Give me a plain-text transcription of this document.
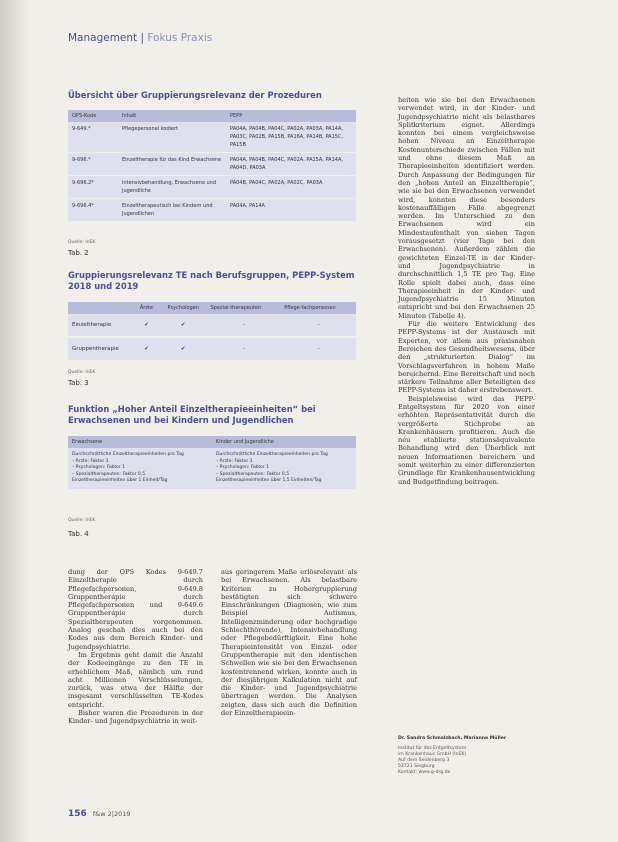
Management | Fokus Praxis
Übersicht über Gruppierungsrelevanz der Prozeduren
OPS-Kode	Inhalt	PEPP
9-649.*	Pflegepersonal kodiert	PA04A, PA04B, PA04C, PA02A, PA03A, PA14A, PA03C, PA02B, PA15B, PA16A, PA14B, PA15C, PA15B
9-696.*	Einzeltherapie für das Kind Erwachsene	PA04A, PA04B, PA04C, PA02A, PA15A, PA14A, PA04D, PA03A
9-696.2*	Intensivbehandlung, Erwachsene und Jugendliche	PA04B, PA04C, PA02A, PA02C, PA03A
9-696.4*	Einzeltherapeutisch bei Kindern und Jugendlichen	PA04A, PA14A
Quelle: InEK
Tab. 2
Gruppierungsrelevanz TE nach Berufsgruppen, PEPP-System
2018 und 2019
	Ärzte	Psychologen	Spezial-therapeuten	Pflege-fachpersonen
Einzeltherapie	✔	✔	-	-
Gruppentherapie	✔	✔	-	-
Quelle: InEK
Tab. 3
Funktion „Hoher Anteil Einzeltherapieeinheiten“ bei
Erwachsenen und bei Kindern und Jugendlichen
Erwachsene	Kinder und Jugendliche
Durchschnittliche Einzeltherapieeinheiten pro Tag
– Ärzte: Faktor 1
– Psychologen: Faktor 1
– Spezialtherapeuten: Faktor 0,5
Einzeltherapieeinheiten über 1 Einheit/Tag	Durchschnittliche Einzeltherapieeinheiten pro Tag
– Ärzte: Faktor 1
– Psychologen: Faktor 1
– Spezialtherapeuten: Faktor 0,5
Einzeltherapieeinheiten über 1,5 Einheiten/Tag
Quelle: InEK
Tab. 4

dung der OPS Kodes 9-649.7 Einzeltherapie durch Pflegefachpersonen, 9-649.8 Gruppentherapie durch Pflegefachpersonen und 9-649.6 Gruppentherapie durch Spezialtherapeuten vorgenommen. Analog geschah dies auch bei den Kodes aus dem Bereich Kinder- und Jugendpsychiatrie.

Im Ergebnis geht damit die Anzahl der Kodeeingänge zu den TE in erheblichem Maß, nämlich um rund acht Millionen Verschlüsselungen, zurück, was etwa der Hälfte der insgesamt verschlüsselten TE-Kodes entspricht.

Bisher waren die Prozeduren in der Kinder- und Jugendpsychiatrie in weit-

aus geringerem Maße erlösrelevant als bei Erwachsenen. Als belastbare Kriterien zu Hohergruppierung bestätigten sich schwere Einschränkungen (Diagnosen, wie zum Beispiel Autismus, Intelligenzminderung oder hochgradige Schlechthörende), Intensivbehandlung oder Pflegebedürftigkeit. Eine hohe Therapieintensität von Einzel- oder Gruppentherapie mit den identischen Schwellen wie sie bei den Erwachsenen kostentrennend wirken, konnte auch in der diesjährigen Kalkulation nicht auf die Kinder- und Jugendpsychiatrie übertragen werden. Die Analysen zeigten, dass sich auch die Definition der Einzeltherapieein-

heiten wie sie bei den Erwachsenen verwendet wird, in der Kinder- und Jugendpsychiatrie nicht als belastbares Splitkriterium eignet. Allerdings konnten bei einem vergleichsweise hohen Niveau an Einzeltherapie Kostenunterschiede zwischen Fällen mit und ohne diesem Maß an Therapieeinheiten identifiziert werden. Durch Anpassung der Bedingungen für den „hohen Anteil an Einzeltherapie“, wie sie bei den Erwachsenen verwendet wird, konnten diese besonders kostenauffälligen Fälle abgegrenzt werden. Im Unterschied zu den Erwachsenen wird ein Mindestaufenthalt von sieben Tagen vorausgesetzt (vier Tage bei den Erwachsenen). Außerdem zählen die gewichteten Einzel-TE in der Kinder- und Jugendpsychiatrie in durchschnittlich 1,5 TE pro Tag. Eine Rolle spielt dabei auch, dass eine Therapieeinheit in der Kinder- und Jugendpsychiatrie 15 Minuten entspricht und bei den Erwachsenen 25 Minuten (Tabelle 4).

Für die weitere Entwicklung des PEPP-Systems ist der Austausch mit Experten, vor allem aus praxisnahen Bereichen des Gesundheitswesens, über den „strukturierten Dialog“ im Vorschlagsverfahren in hohem Maße bereichernd. Eine Bereitschaft und noch stärkere Teilnahme aller Beteiligten des PEPP-Systems ist daher erstrebenswert.

Beispielsweise wird das PEPP-Entgeltsystem für 2020 von einer erhöhten Repräsentativität durch die vergrößerte Stichprobe an Krankenhäusern profitieren. Auch die neu etablierte stationsäquivalente Behandlung wird den Überblick mit neuen Informationen bereichern und somit weiterhin zu einer differenzierten Grundlage für Krankenhausentwicklung und Budgetfindung beitragen.

Dr. Sandra Schmalzbach, Marianne Müller
Institut für das Entgeltsystem
im Krankenhaus GmbH (InEK)
Auf dem Seidenberg 3
53721 Siegburg
Kontakt: www.g-drg.de
156 f&w 2|2019
